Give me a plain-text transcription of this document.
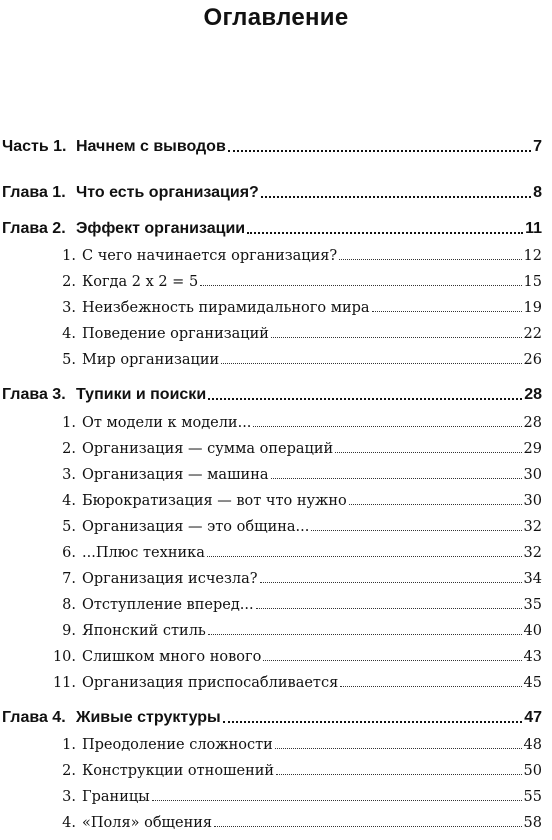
Оглавление
Часть 1. Начнем с выводов	7
Глава 1. Что есть организация?	8
Глава 2. Эффект организации	11
1. С чего начинается организация?	12
2. Когда 2 х 2 = 5	15
3. Неизбежность пирамидального мира	19
4. Поведение организаций	22
5. Мир организации	26
Глава 3. Тупики и поиски	28
1. От модели к модели...	28
2. Организация — сумма операций	29
3. Организация — машина	30
4. Бюрократизация — вот что нужно	30
5. Организация — это община...	32
6. ...Плюс техника	32
7. Организация исчезла?	34
8. Отступление вперед...	35
9. Японский стиль	40
10. Слишком много нового	43
11. Организация приспосабливается	45
Глава 4. Живые структуры	47
1. Преодоление сложности	48
2. Конструкции отношений	50
3. Границы	55
4. «Поля» общения	58
